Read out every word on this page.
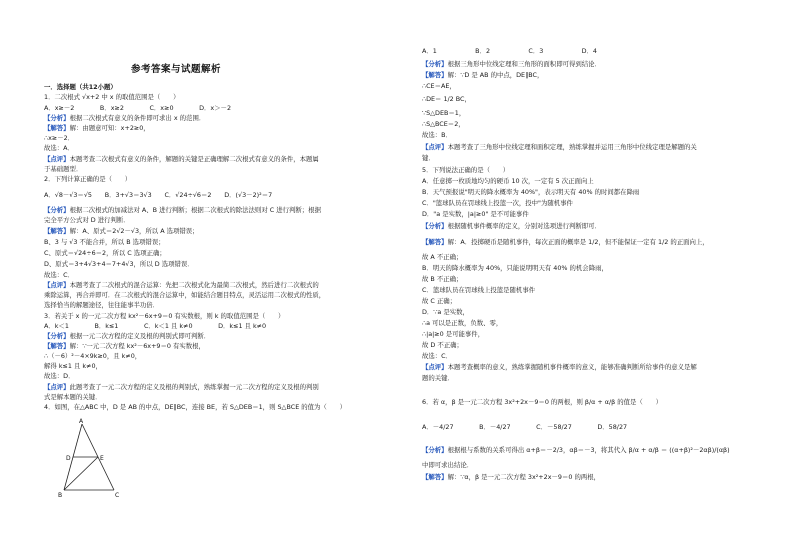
参考答案与试题解析
一．选择题（共12小题）
1．二次根式 √x+2 中 x 的取值范围是（　　）
A．x≥－2　　　　B．x≥2　　　　C．x≥0　　　　D．x＞－2
【分析】根据二次根式有意义的条件即可求出 x 的范围．
【解答】解：由题意可知：x+2≥0，
∴x≥－2．
故选：A．
【点评】本题考查二次根式有意义的条件，解题的关键是正确理解二次根式有意义的条件，本题属
于基础题型．
2．下列计算正确的是（　　）
A．√8－√3＝√5　　B．3+√3＝3√3　　C．√24÷√6＝2　　D．(√3－2)²＝7
【分析】根据二次根式的加减法对 A、B 进行判断；根据二次根式的除法法则对 C 进行判断；根据
完全平方公式对 D 进行判断．
【解答】解：A、原式＝2√2－√3，所以 A 选项错误；
B、3 与 √3 不能合并，所以 B 选项错误；
C、原式＝√24÷6＝2，所以 C 选项正确；
D、原式＝3+4√3+4＝7+4√3，所以 D 选项错误．
故选：C．
【点评】本题考查了二次根式的混合运算：先把二次根式化为最简二次根式，然后进行二次根式的
乘除运算，再合并即可．在二次根式的混合运算中，如能结合题目特点，灵活运用二次根式的性质，
选择恰当的解题途径，往往能事半功倍．
3．若关于 x 的一元二次方程 kx²－6x+9＝0 有实数根，则 k 的取值范围是（　　）
A．k＜1　　　　B．k≤1　　　　C．k＜1 且 k≠0　　　　D．k≤1 且 k≠0
【分析】根据一元二次方程的定义及根的判别式即可判断．
【解答】解：∵一元二次方程 kx²－6x+9＝0 有实数根，
∴（－6）²－4×9k≥0，且 k≠0，
解得 k≤1 且 k≠0，
故选：D．
【点评】此题考查了一元二次方程的定义及根的判别式，熟练掌握一元二次方程的定义及根的判别
式是解本题的关键．
4．如图，在△ABC 中，D 是 AB 的中点，DE∥BC，连接 BE，若 S△DEB＝1，则 S△BCE 的值为（　　）
A
D	E
B	C
A．1　　　　　　B．2　　　　　　C．3　　　　　　D．4
【分析】根据三角形中位线定理和三角形的面积即可得到结论．
【解答】解：∵D 是 AB 的中点，DE∥BC，
∴CE＝AE，
∴DE＝ 1/2 BC，
∵S△DEB＝1，
∴S△BCE＝2，
故选：B．
【点评】本题考查了三角形中位线定理和面积定理，熟练掌握并运用三角形中位线定理是解题的关
键．
5．下列说法正确的是（　　）
A．任意掷一枚质地均匀的硬币 10 次，一定有 5 次正面向上
B．天气预报说"明天的降水概率为 40%"，表示明天有 40% 的时间都在降雨
C．"篮球队员在罚球线上投篮一次，投中"为随机事件
D．"a 是实数，|a|≥0" 是不可能事件
【分析】根据随机事件概率的定义，分别对选项进行判断即可．
【解答】解：A．投掷硬币是随机事件，每次正面的概率是 1/2，但不能保证一定有 1/2 的正面向上，
故 A 不正确；
B．明天的降水概率为 40%，只能说明明天有 40% 的机会降雨，
故 B 不正确；
C．篮球队员在罚球线上投篮是随机事件
故 C 正确；
D．∵a 是实数，
∴a 可以是正数，负数、零，
∴|a|≥0 是可能事件，
故 D 不正确；
故选：C．
【点评】本题考查概率的意义，熟练掌握随机事件概率的意义，能够准确判断所给事件的意义是解
题的关键．
6．若 α，β 是一元二次方程 3x²+2x－9＝0 的两根，则 β/α + α/β 的值是（　　）
A．－4/27　　　　B．－4/27　　　　C．－58/27　　　　D．58/27
【分析】根据根与系数的关系可得出 α+β＝－2/3，αβ＝－3，将其代入 β/α + α/β ＝ ((α+β)²－2αβ)/(αβ)
中即可求出结论．
【解答】解：∵α，β 是一元二次方程 3x²+2x－9＝0 的两根，
